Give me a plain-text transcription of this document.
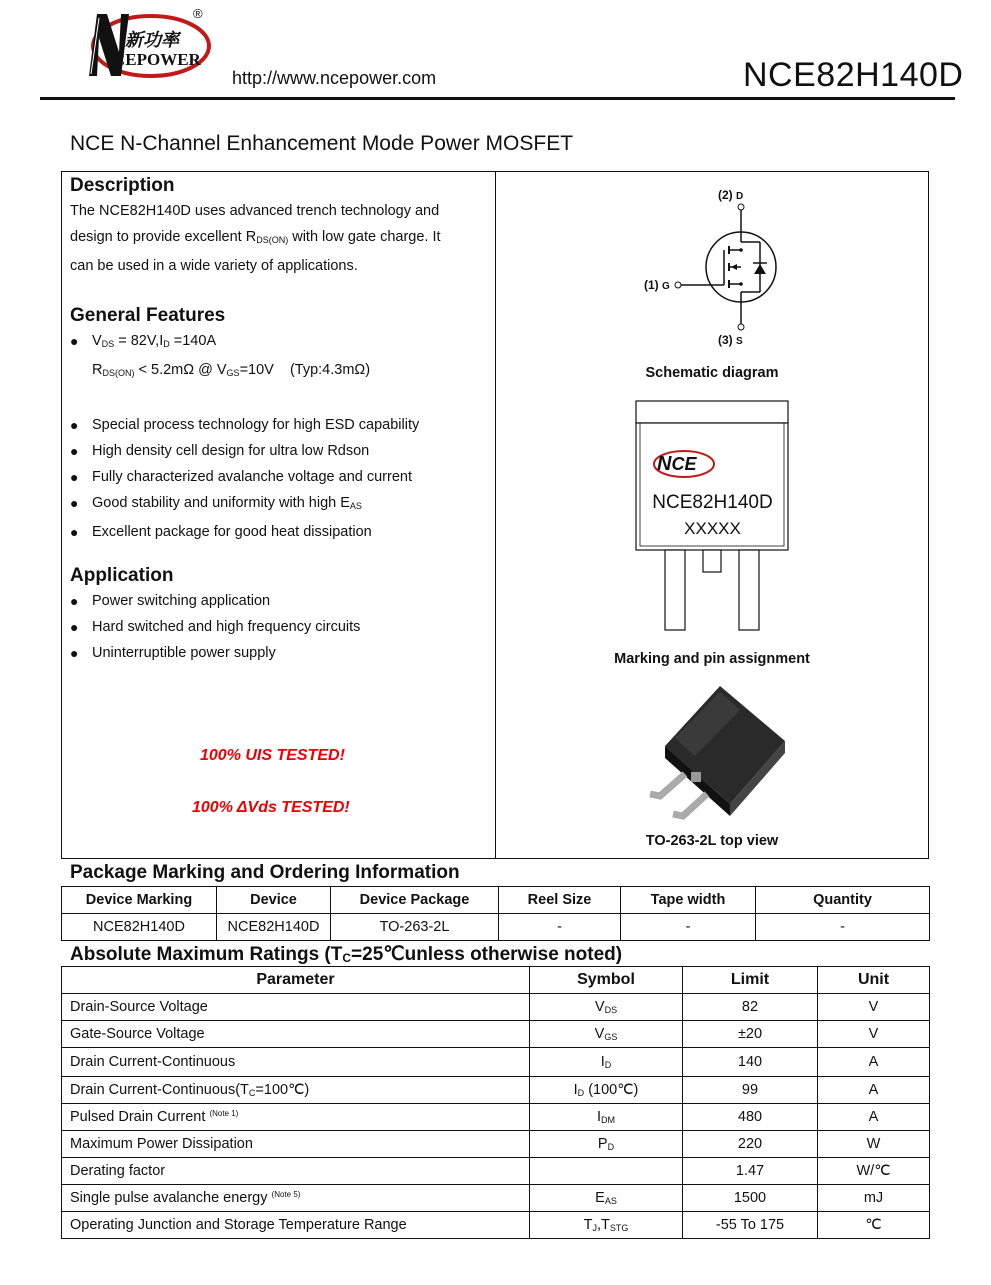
新功率
CEPOWER
®
http://www.ncepower.com	NCE82H140D
NCE N-Channel Enhancement Mode Power MOSFET
Description
The NCE82H140D uses advanced trench technology and
design to provide excellent $R_{DS(ON)}$ with low gate charge. It
can be used in a wide variety of applications.
General Features
● $V_{DS} = 82V,I_D =140A$
$R_{DS(ON)} < 5.2m\Omega$ @ $V_{GS}=10V$    (Typ:4.3mΩ)
● Special process technology for high ESD capability
● High density cell design for ultra low Rdson
● Fully characterized avalanche voltage and current
● Good stability and uniformity with high $E_{AS}$
● Excellent package for good heat dissipation
Application
● Power switching application
● Hard switched and high frequency circuits
● Uninterruptible power supply
100% UIS TESTED!
100% ΔVds TESTED!
(2) D
(1) G
(3) S
Schematic diagram
NCE
NCE82H140D
XXXXX
Marking and pin assignment
TO-263-2L top view
Package Marking and Ordering Information
Device Marking	Device	Device Package	Reel Size	Tape width	Quantity
NCE82H140D	NCE82H140D	TO-263-2L	-	-	-
Absolute Maximum Ratings ($T_C=25℃unless$ otherwise noted)
Parameter	Symbol	Limit	Unit
Drain-Source Voltage	$V_{DS}$	82	V
Gate-Source Voltage	$V_{GS}$	±20	V
Drain Current-Continuous	$I_D$	140	A
Drain Current-$Continuous(T_C=100℃)$	$I_D$ (100℃)	99	A
Pulsed Drain Current $^{(Note 1)}$	$I_{DM}$	480	A
Maximum Power Dissipation	$P_D$	220	W
Derating factor		1.47	W/℃
Single pulse avalanche energy $^{(Note 5)}$	$E_{AS}$	1500	mJ
Operating Junction and Storage Temperature Range	$T_J,T_{STG}$	-55 To 175	℃
